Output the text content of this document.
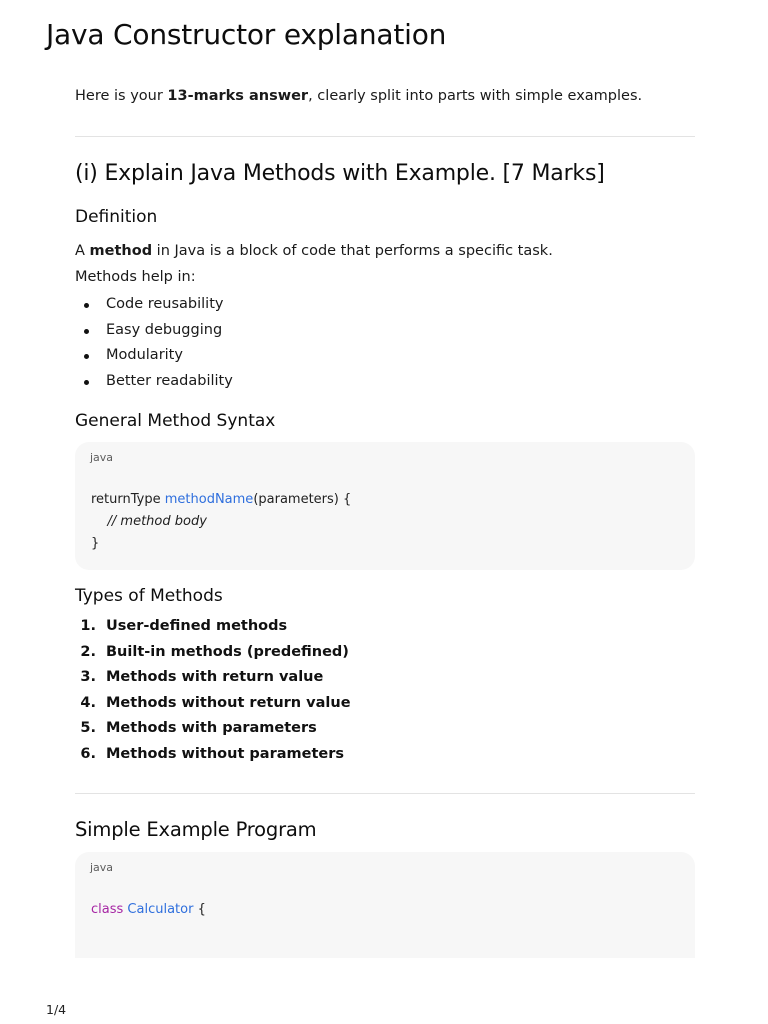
Java Constructor explanation

Here is your 13-marks answer, clearly split into parts with simple examples.

(i) Explain Java Methods with Example. [7 Marks]
Definition

A method in Java is a block of code that performs a specific task.

Methods help in:

Code reusability
Easy debugging
Modularity
Better readability
General Method Syntax
java
returnType methodName(parameters) {
// method body
}
Types of Methods
1. User-defined methods
2. Built-in methods (predefined)
3. Methods with return value
4. Methods without return value
5. Methods with parameters
6. Methods without parameters
Simple Example Program
java
class Calculator {
1/4
